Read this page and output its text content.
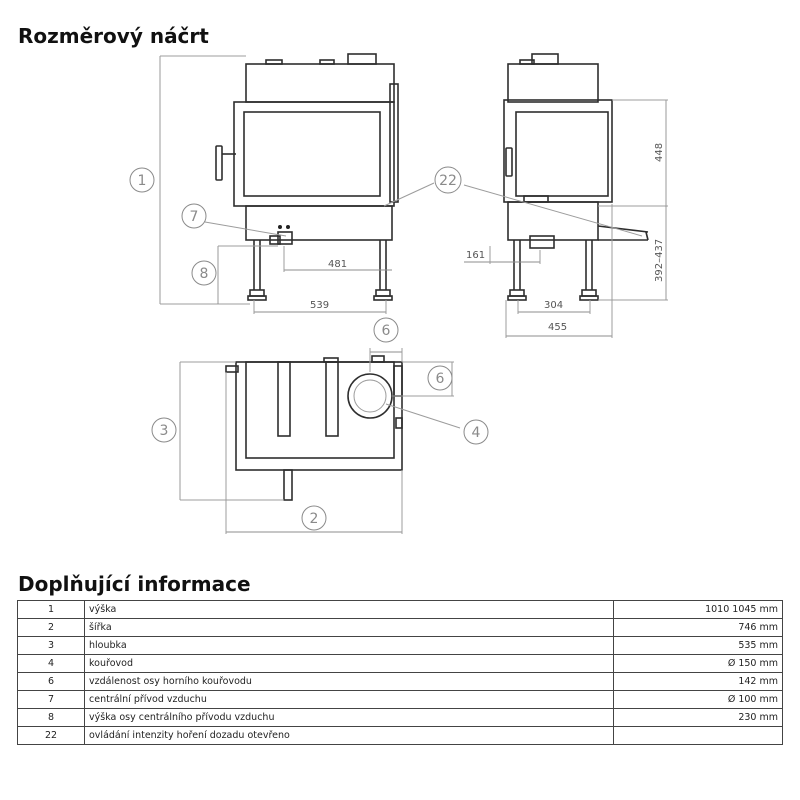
Rozměrový náčrt
481
539
161
448
392–437
304
455
1
7
8
22
6
6
3	4
2
Doplňující informace
1	výška	1010 1045 mm
2	šířka	746 mm
3	hloubka	535 mm
4	kouřovod	Ø 150 mm
6	vzdálenost osy horního kouřovodu	142 mm
7	centrální přívod vzduchu	Ø 100 mm
8	výška osy centrálního přívodu vzduchu	230 mm
22	ovládání intenzity hoření dozadu otevřeno	
